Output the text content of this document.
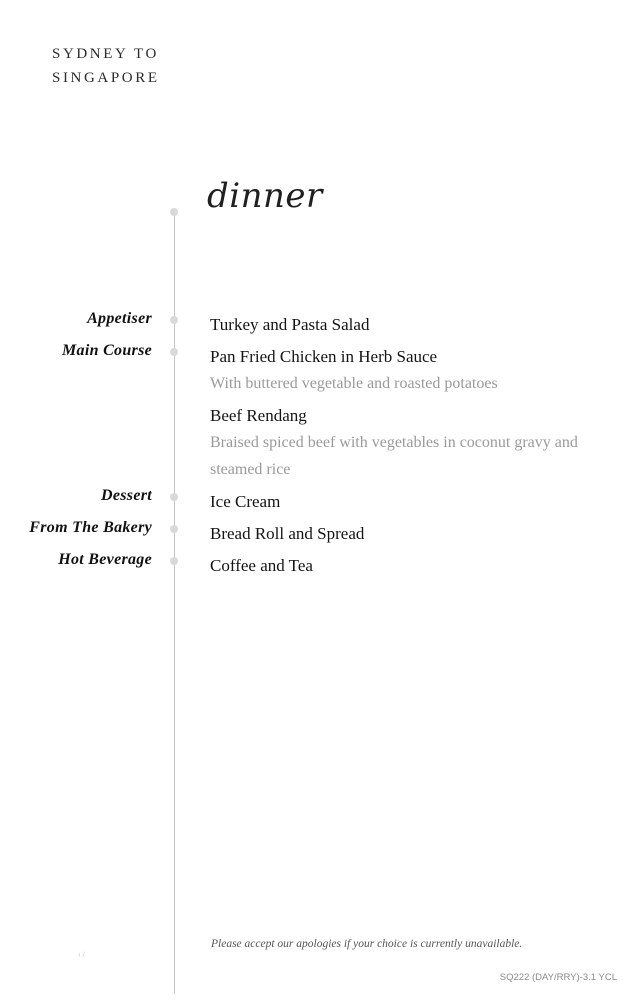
SYDNEY TO
SINGAPORE
dinner
Appetiser
Main Course
Dessert
From The Bakery
Hot Beverage
Turkey and Pasta Salad
Pan Fried Chicken in Herb Sauce
With buttered vegetable and roasted potatoes
Beef Rendang
Braised spiced beef with vegetables in coconut gravy and
steamed rice
Ice Cream
Bread Roll and Spread
Coffee and Tea
‹ /
Please accept our apologies if your choice is currently unavailable.
SQ222 (DAY/RRY)-3.1 YCL
